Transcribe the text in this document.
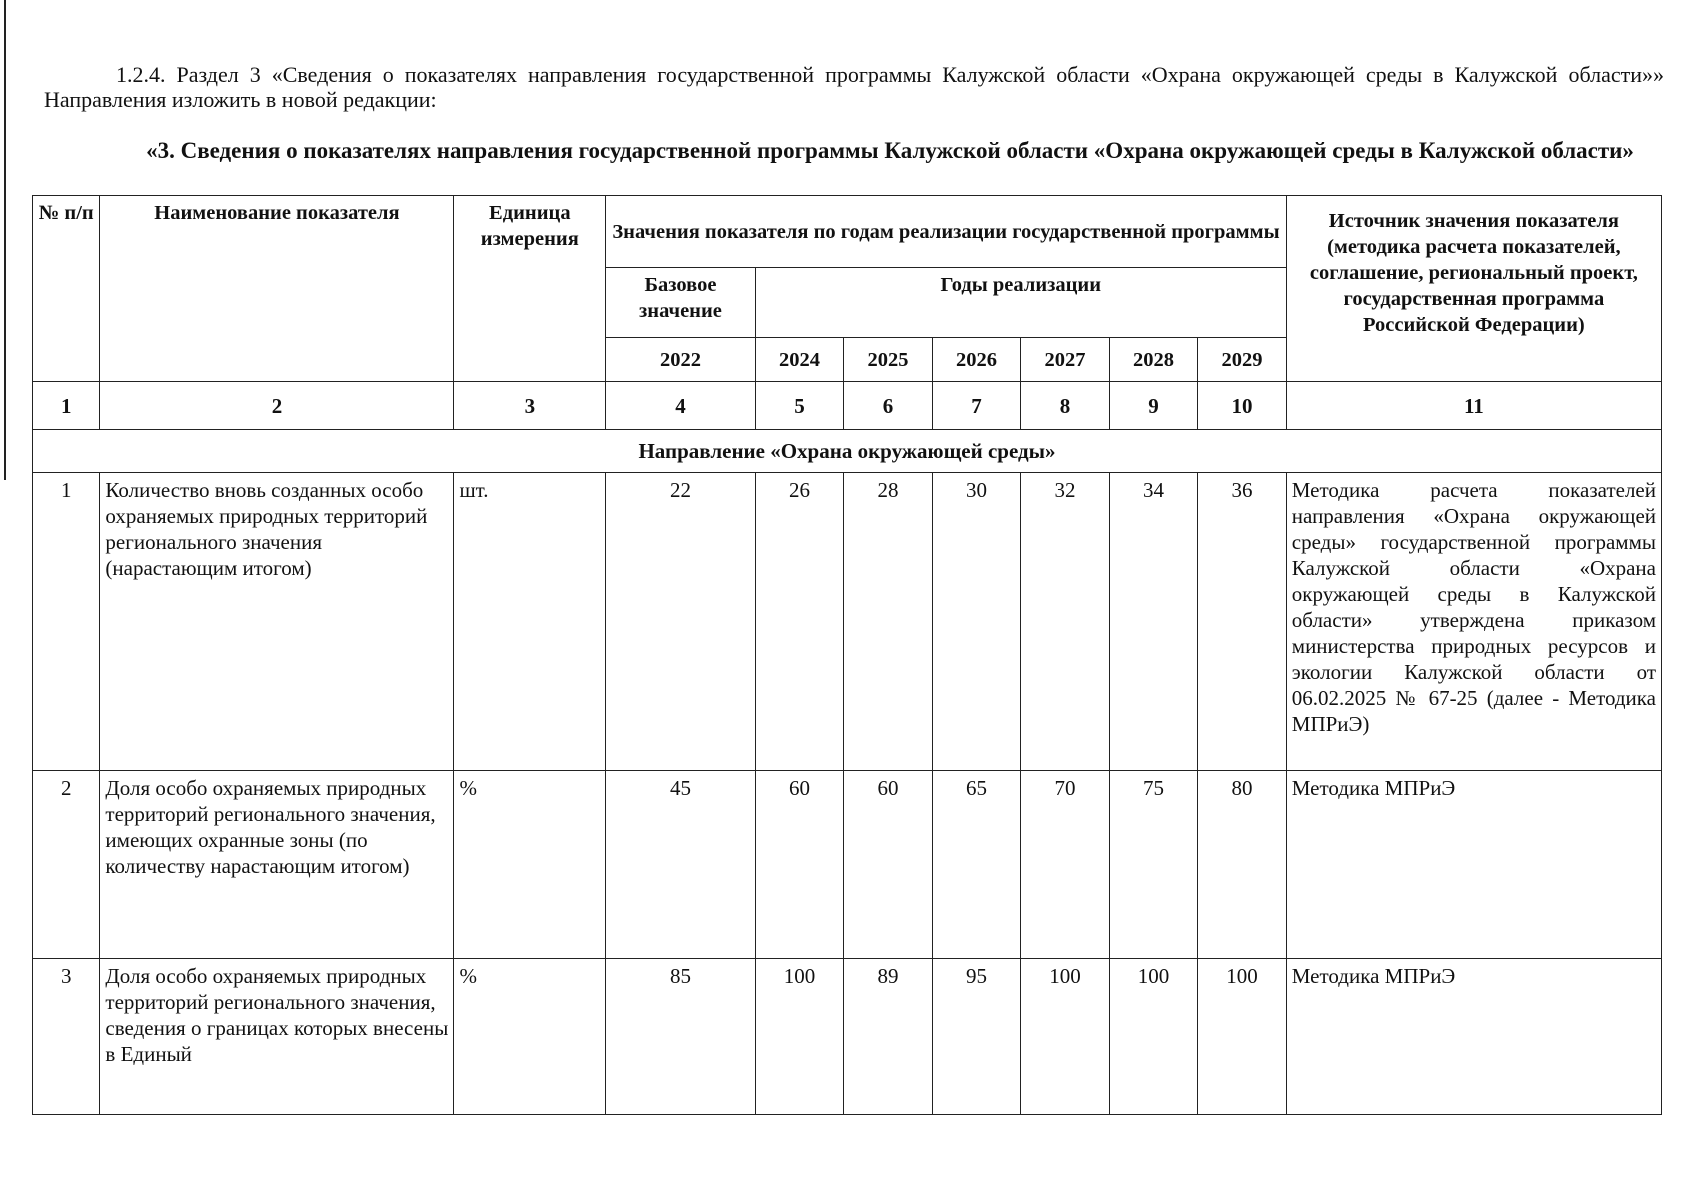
1.2.4. Раздел 3 «Сведения о показателях направления государственной программы Калужской области «Охрана окружающей среды в Калужской области»» Направления изложить в новой редакции:
«3. Сведения о показателях направления государственной программы Калужской области «Охрана окружающей среды в Калужской области»
№ п/п	Наименование показателя	Единица измерения	Значения показателя по годам реализации государственной программы							Источник значения показателя (методика расчета показателей, соглашение, региональный проект, государственная программа Российской Федерации)
			Базовое значение	Годы реализации						
			2022	2024	2025	2026	2027	2028	2029	
1	2	3	4	5	6	7	8	9	10	11
Направление «Охрана окружающей среды»										
1	Количество вновь созданных особо охраняемых природных территорий регионального значения (нарастающим итогом)	шт.	22	26	28	30	32	34	36	Методика расчета показателей направления «Охрана окружающей среды» государственной программы Калужской области «Охрана окружающей среды в Калужской области» утверждена приказом министерства природных ресурсов и экологии Калужской области от 06.02.2025 № 67-25 (далее - Методика МПРиЭ)
2	Доля особо охраняемых природных территорий регионального значения, имеющих охранные зоны (по количеству нарастающим итогом)	%	45	60	60	65	70	75	80	Методика МПРиЭ
3	Доля особо охраняемых природных территорий регионального значения, сведения о границах которых внесены в Единый	%	85	100	89	95	100	100	100	Методика МПРиЭ
